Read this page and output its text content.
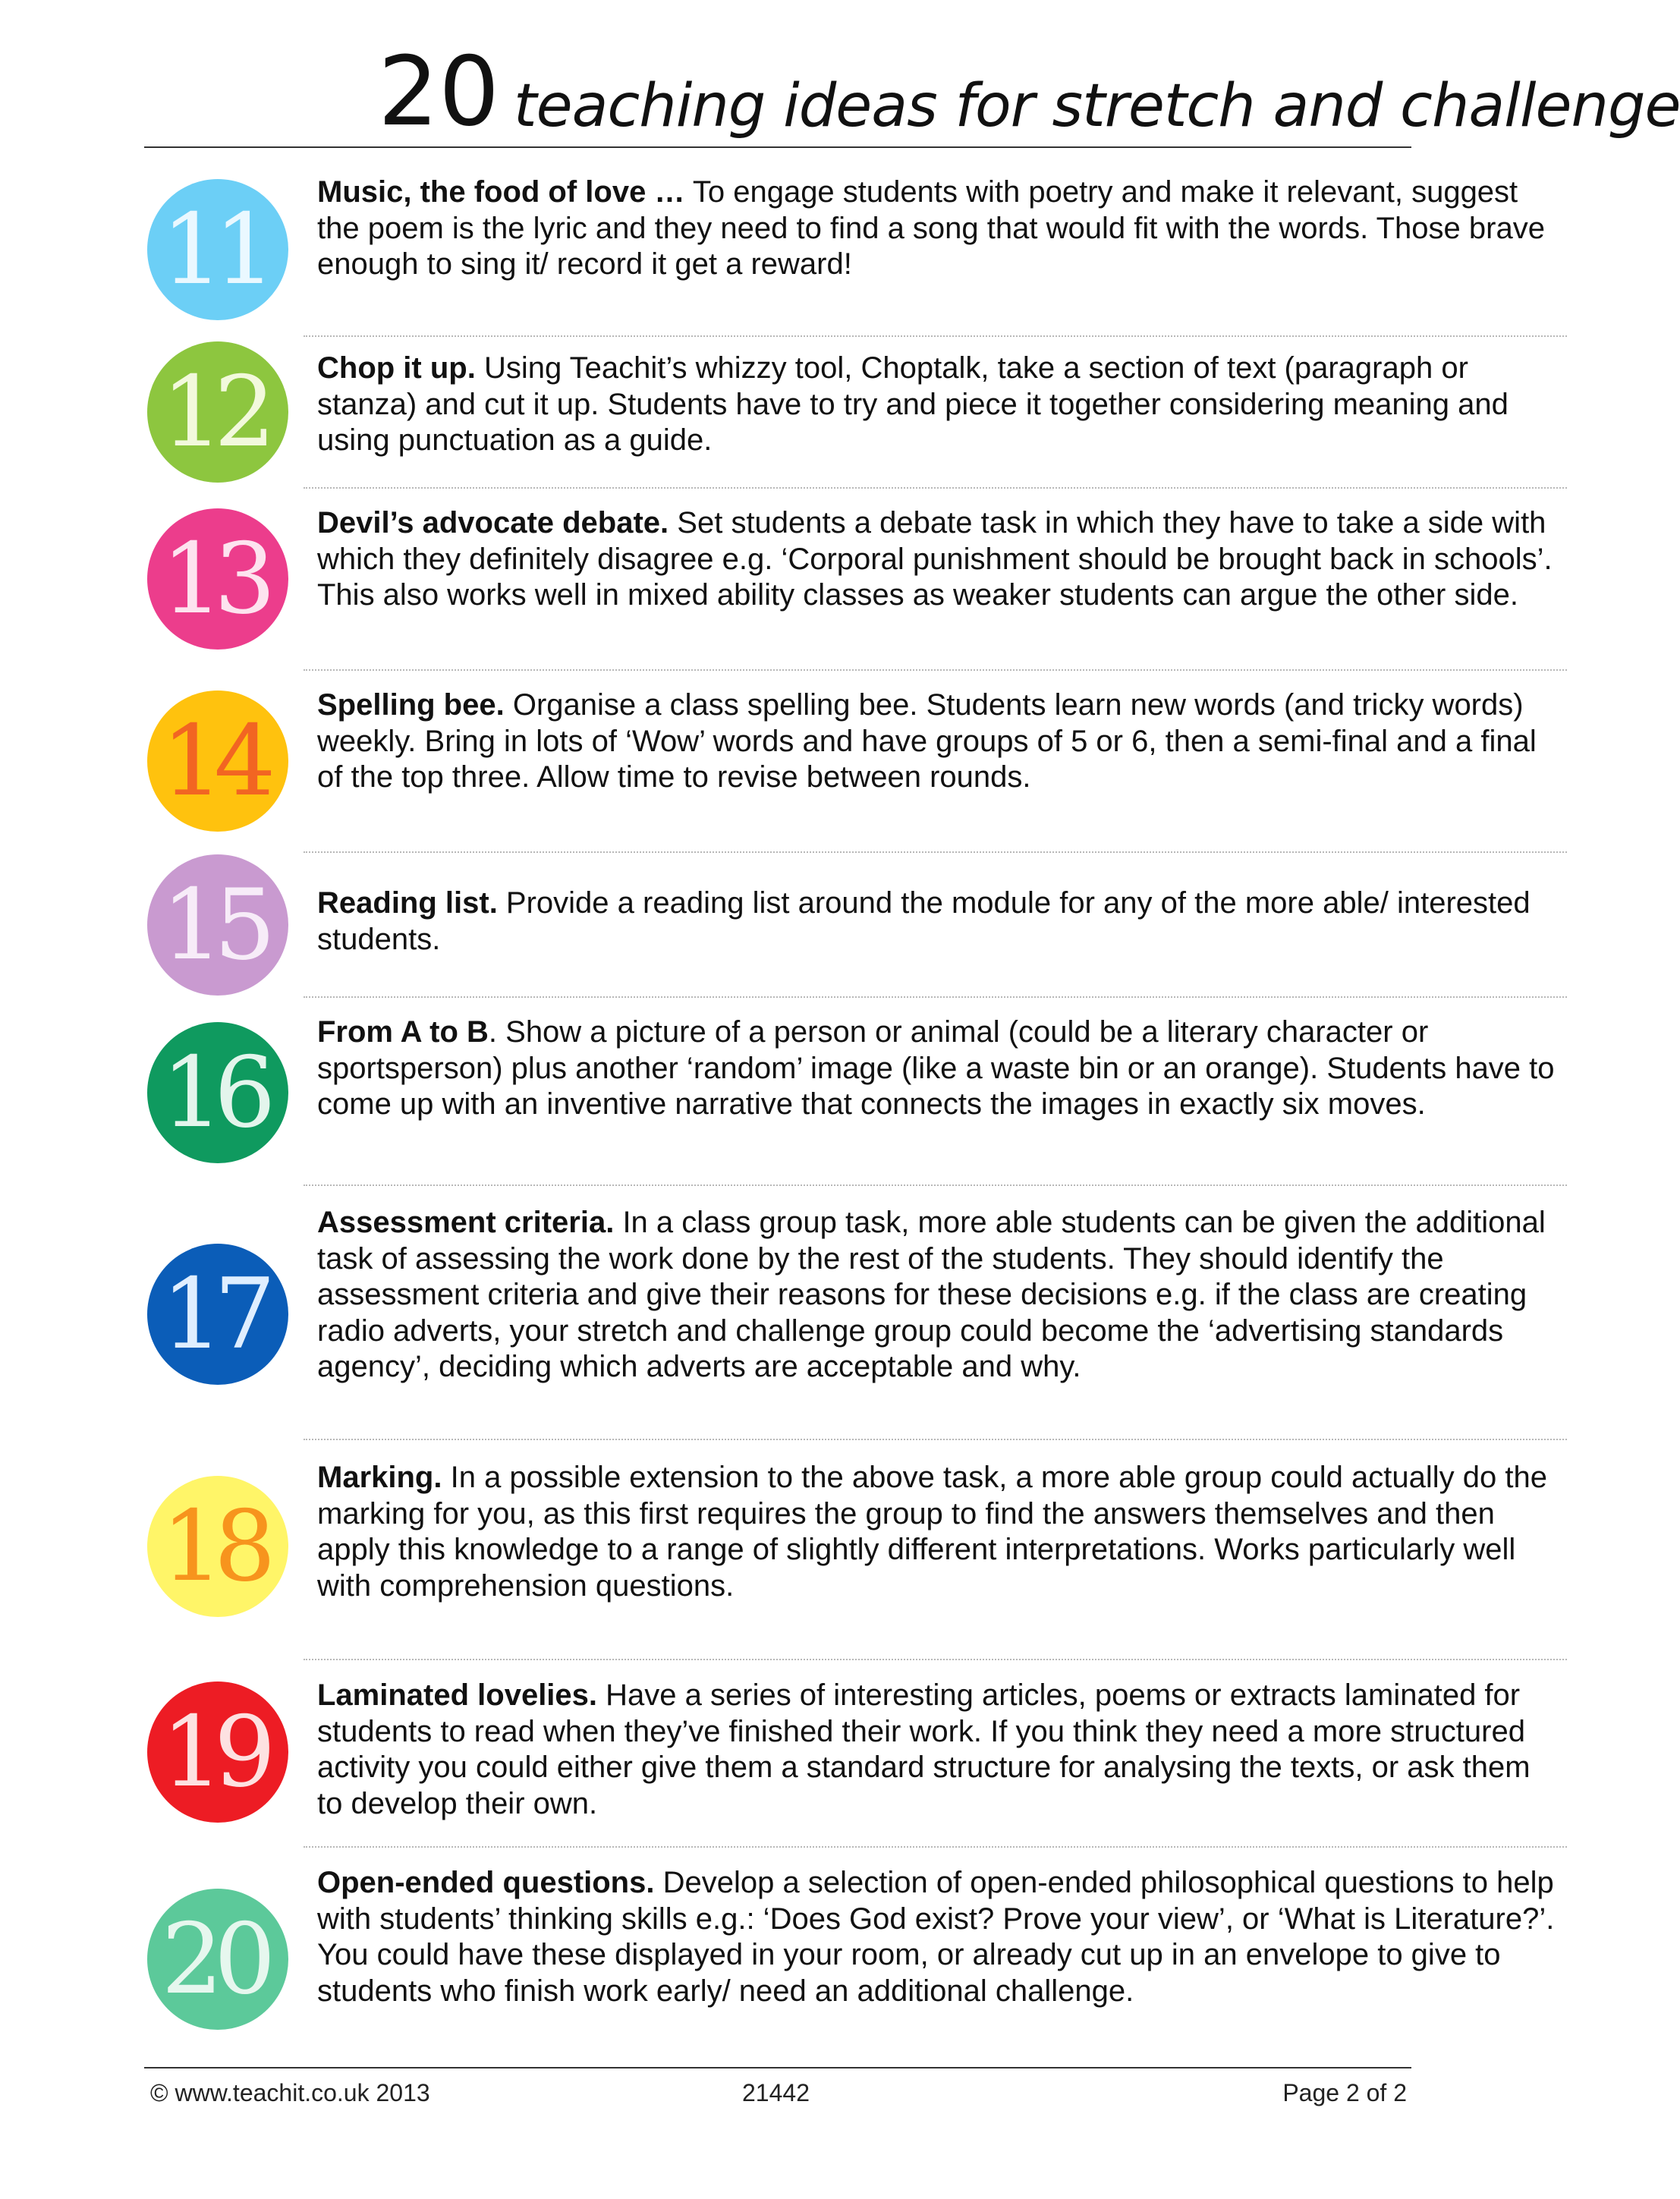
20 teaching ideas for stretch and challenge
11
Music, the food of love … To engage students with poetry and make it relevant, suggest the poem is the lyric and they need to find a song that would fit with the words. Those brave enough to sing it/ record it get a reward!
12 Chop it up. Using Teachit’s whizzy tool, Choptalk, take a section of text (paragraph or stanza) and cut it up. Students have to try and piece it together considering meaning and using punctuation as a guide.
13 Devil’s advocate debate. Set students a debate task in which they have to take a side with which they definitely disagree e.g. ‘Corporal punishment should be brought back in schools’. This also works well in mixed ability classes as weaker students can argue the other side.
14 Spelling bee. Organise a class spelling bee. Students learn new words (and tricky words) weekly. Bring in lots of ‘Wow’ words and have groups of 5 or 6, then a semi-final and a final of the top three. Allow time to revise between rounds.
15 Reading list. Provide a reading list around the module for any of the more able/ interested students.
16
From A to B. Show a picture of a person or animal (could be a literary character or sportsperson) plus another ‘random’ image (like a waste bin or an orange). Students have to come up with an inventive narrative that connects the images in exactly six moves.
17
Assessment criteria. In a class group task, more able students can be given the additional task of assessing the work done by the rest of the students. They should identify the assessment criteria and give their reasons for these decisions e.g. if the class are creating radio adverts, your stretch and challenge group could become the ‘advertising standards agency’, deciding which adverts are acceptable and why.
18
Marking. In a possible extension to the above task, a more able group could actually do the marking for you, as this first requires the group to find the answers themselves and then apply this knowledge to a range of slightly different interpretations. Works particularly well with comprehension questions.
19
Laminated lovelies. Have a series of interesting articles, poems or extracts laminated for students to read when they’ve finished their work. If you think they need a more structured activity you could either give them a standard structure for analysing the texts, or ask them to develop their own.
20
Open-ended questions. Develop a selection of open-ended philosophical questions to help with students’ thinking skills e.g.: ‘Does God exist? Prove your view’, or ‘What is Literature?’. You could have these displayed in your room, or already cut up in an envelope to give to students who finish work early/ need an additional challenge.
© www.teachit.co.uk 2013	21442	Page 2 of 2
